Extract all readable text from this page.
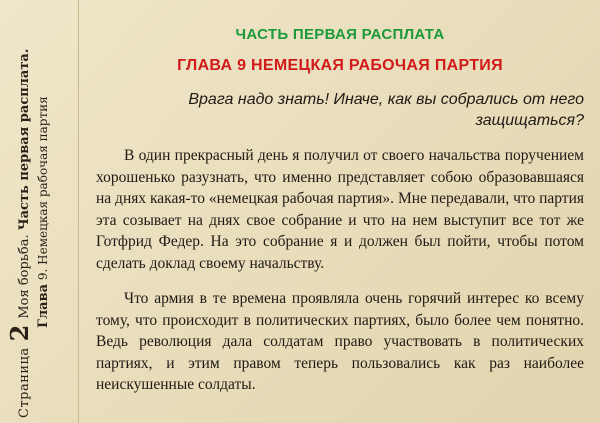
Страница2Моя борьба. Часть первая расплата.
Глава 9. Немецкая рабочая партия
ЧАСТЬ ПЕРВАЯ РАСПЛАТА
ГЛАВА 9 НЕМЕЦКАЯ РАБОЧАЯ ПАРТИЯ
Врага надо знать! Иначе, как вы собрались от него защищаться?

В один прекрасный день я получил от своего начальства поручением хорошенько разузнать, что именно представляет собою образовавшаяся на днях какая-то «немецкая рабочая партия». Мне передавали, что партия эта созывает на днях свое собрание и что на нем выступит все тот же Готфрид Федер. На это собрание я и должен был пойти, чтобы потом сделать доклад своему начальству.

Что армия в те времена проявляла очень горячий интерес ко всему тому, что происходит в политических партиях, было более чем понятно. Ведь революция дала солдатам право участвовать в политических партиях, и этим правом теперь пользовались как раз наиболее неискушенные солдаты.
